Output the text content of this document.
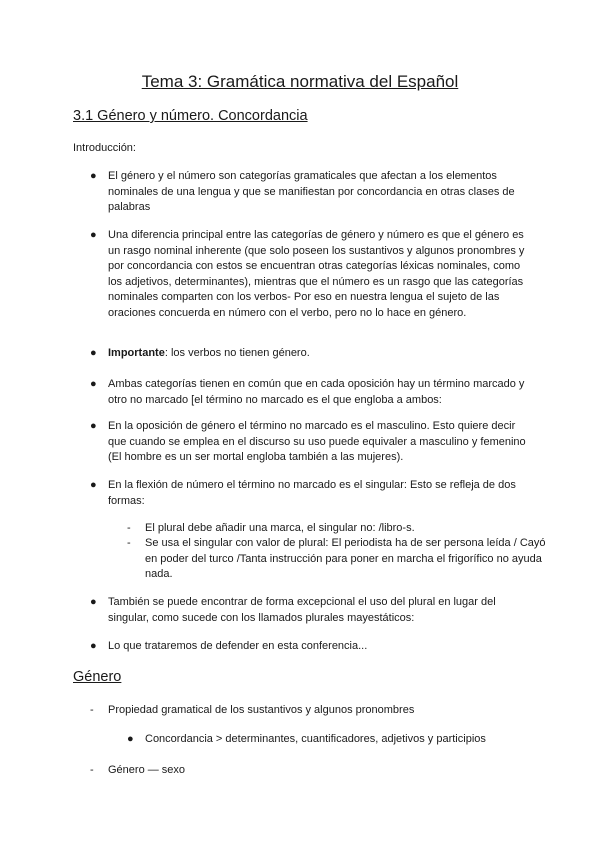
Tema 3: Gramática normativa del Español
3.1 Género y número. Concordancia
Introducción:
● El género y el número son categorías gramaticales que afectan a los elementos nominales de una lengua y que se manifiestan por concordancia en otras clases de palabras
● Una diferencia principal entre las categorías de género y número es que el género es un rasgo nominal inherente (que solo poseen los sustantivos y algunos pronombres y por concordancia con estos se encuentran otras categorías léxicas nominales, como los adjetivos, determinantes), mientras que el número es un rasgo que las categorías nominales comparten con los verbos- Por eso en nuestra lengua el sujeto de las oraciones concuerda en número con el verbo, pero no lo hace en género.
● Importante: los verbos no tienen género.
● Ambas categorías tienen en común que en cada oposición hay un término marcado y otro no marcado [el término no marcado es el que engloba a ambos:
● En la oposición de género el término no marcado es el masculino. Esto quiere decir que cuando se emplea en el discurso su uso puede equivaler a masculino y femenino (El hombre es un ser mortal engloba también a las mujeres).
● En la flexión de número el término no marcado es el singular: Esto se refleja de dos formas:
- El plural debe añadir una marca, el singular no: /libro-s.
- Se usa el singular con valor de plural: El periodista ha de ser persona leída / Cayó en poder del turco /Tanta instrucción para poner en marcha el frigorífico no ayuda nada.
● También se puede encontrar de forma excepcional el uso del plural en lugar del singular, como sucede con los llamados plurales mayestáticos:
● Lo que trataremos de defender en esta conferencia...
Género
- Propiedad gramatical de los sustantivos y algunos pronombres
● Concordancia > determinantes, cuantificadores, adjetivos y participios
- Género — sexo
